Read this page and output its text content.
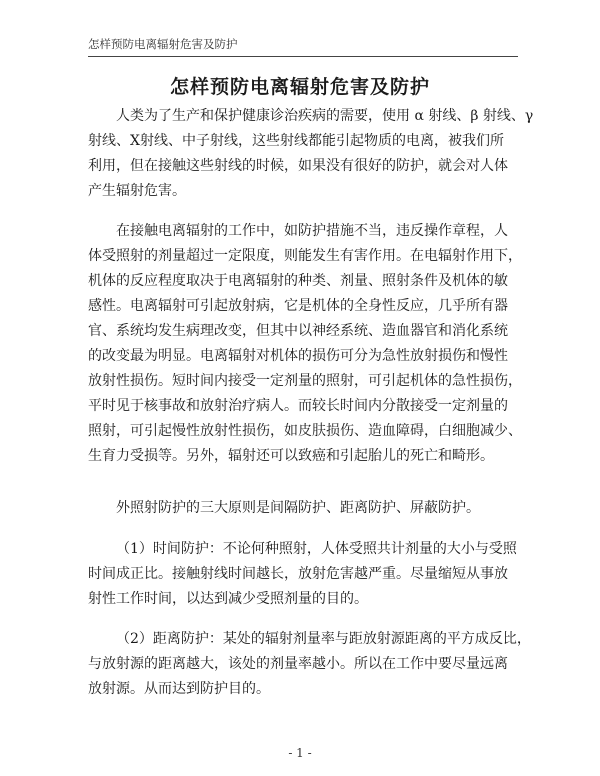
怎样预防电离辐射危害及防护
怎样预防电离辐射危害及防护
人类为了生产和保护健康诊治疾病的需要，使用 α 射线、β 射线、γ
射线、X射线、中子射线，这些射线都能引起物质的电离，被我们所
利用，但在接触这些射线的时候，如果没有很好的防护，就会对人体
产生辐射危害。
在接触电离辐射的工作中，如防护措施不当，违反操作章程，人
体受照射的剂量超过一定限度，则能发生有害作用。在电辐射作用下，
机体的反应程度取决于电离辐射的种类、剂量、照射条件及机体的敏
感性。电离辐射可引起放射病，它是机体的全身性反应，几乎所有器
官、系统均发生病理改变，但其中以神经系统、造血器官和消化系统
的改变最为明显。电离辐射对机体的损伤可分为急性放射损伤和慢性
放射性损伤。短时间内接受一定剂量的照射，可引起机体的急性损伤，
平时见于核事故和放射治疗病人。而较长时间内分散接受一定剂量的
照射，可引起慢性放射性损伤，如皮肤损伤、造血障碍，白细胞减少、
生育力受损等。另外，辐射还可以致癌和引起胎儿的死亡和畸形。
外照射防护的三大原则是间隔防护、距离防护、屏蔽防护。
（1）时间防护：不论何种照射，人体受照共计剂量的大小与受照
时间成正比。接触射线时间越长，放射危害越严重。尽量缩短从事放
射性工作时间，以达到减少受照剂量的目的。
（2）距离防护：某处的辐射剂量率与距放射源距离的平方成反比，
与放射源的距离越大，该处的剂量率越小。所以在工作中要尽量远离
放射源。从而达到防护目的。
- 1 -
